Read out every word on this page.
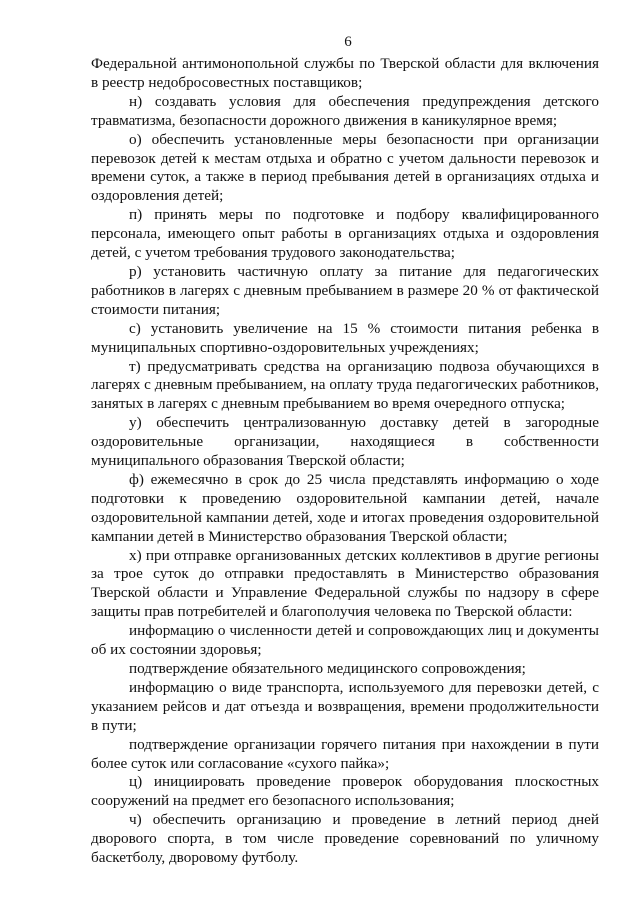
6

Федеральной антимонопольной службы по Тверской области для включения в реестр недобросовестных поставщиков;

н) создавать условия для обеспечения предупреждения детского травматизма, безопасности дорожного движения в каникулярное время;

о) обеспечить установленные меры безопасности при организации перевозок детей к местам отдыха и обратно с учетом дальности перевозок и времени суток, а также в период пребывания детей в организациях отдыха и оздоровления детей;

п) принять меры по подготовке и подбору квалифицированного персонала, имеющего опыт работы в организациях отдыха и оздоровления детей, с учетом требования трудового законодательства;

р) установить частичную оплату за питание для педагогических работников в лагерях с дневным пребыванием в размере 20 % от фактической стоимости питания;

с) установить увеличение на 15 % стоимости питания ребенка в муниципальных спортивно-оздоровительных учреждениях;

т) предусматривать средства на организацию подвоза обучающихся в лагерях с дневным пребыванием, на оплату труда педагогических работников, занятых в лагерях с дневным пребыванием во время очередного отпуска;

у) обеспечить централизованную доставку детей в загородные оздоровительные организации, находящиеся в собственности муниципального образования Тверской области;

ф) ежемесячно в срок до 25 числа представлять информацию о ходе подготовки к проведению оздоровительной кампании детей, начале оздоровительной кампании детей, ходе и итогах проведения оздоровительной кампании детей в Министерство образования Тверской области;

х) при отправке организованных детских коллективов в другие регионы за трое суток до отправки предоставлять в Министерство образования Тверской области и Управление Федеральной службы по надзору в сфере защиты прав потребителей и благополучия человека по Тверской области:

информацию о численности детей и сопровождающих лиц и документы об их состоянии здоровья;

подтверждение обязательного медицинского сопровождения;

информацию о виде транспорта, используемого для перевозки детей, с указанием рейсов и дат отъезда и возвращения, времени продолжительности в пути;

подтверждение организации горячего питания при нахождении в пути более суток или согласование «сухого пайка»;

ц) инициировать проведение проверок оборудования плоскостных сооружений на предмет его безопасного использования;

ч) обеспечить организацию и проведение в летний период дней дворового спорта, в том числе проведение соревнований по уличному баскетболу, дворовому футболу.
